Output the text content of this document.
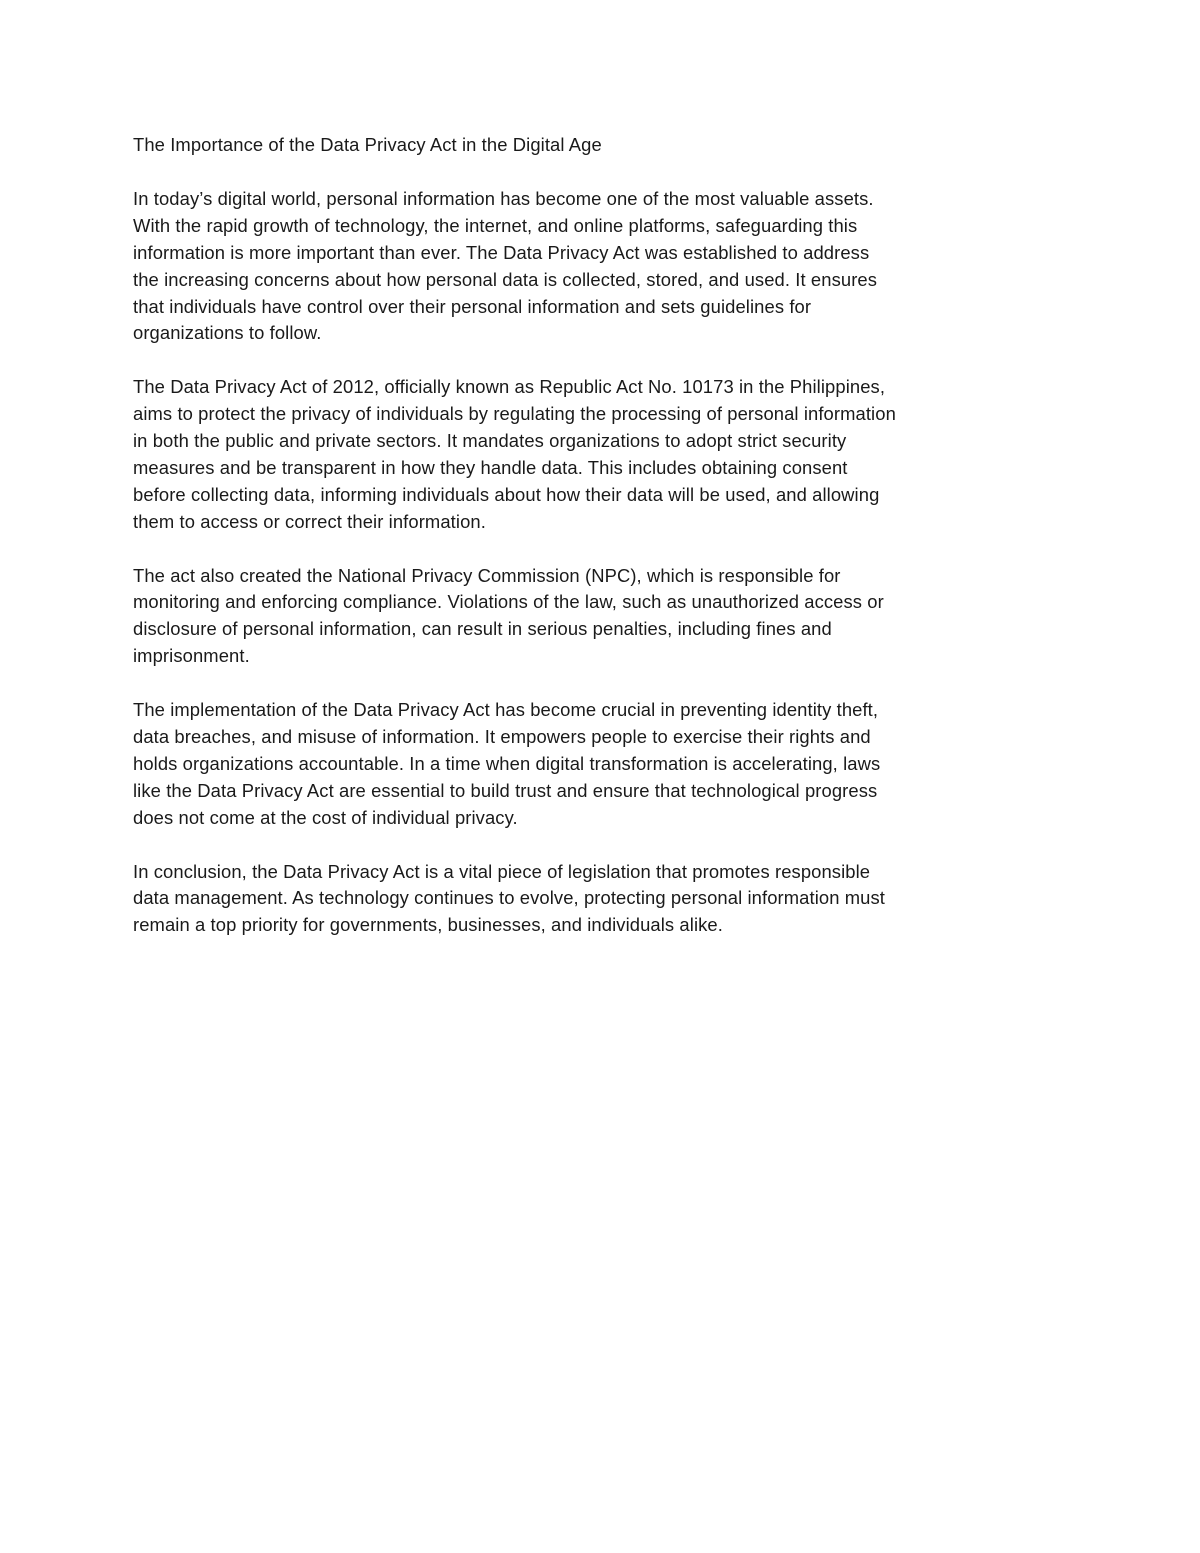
The Importance of the Data Privacy Act in the Digital Age
In today’s digital world, personal information has become one of the most valuable assets.
With the rapid growth of technology, the internet, and online platforms, safeguarding this
information is more important than ever. The Data Privacy Act was established to address
the increasing concerns about how personal data is collected, stored, and used. It ensures
that individuals have control over their personal information and sets guidelines for
organizations to follow.
The Data Privacy Act of 2012, officially known as Republic Act No. 10173 in the Philippines,
aims to protect the privacy of individuals by regulating the processing of personal information
in both the public and private sectors. It mandates organizations to adopt strict security
measures and be transparent in how they handle data. This includes obtaining consent
before collecting data, informing individuals about how their data will be used, and allowing
them to access or correct their information.
The act also created the National Privacy Commission (NPC), which is responsible for
monitoring and enforcing compliance. Violations of the law, such as unauthorized access or
disclosure of personal information, can result in serious penalties, including fines and
imprisonment.
The implementation of the Data Privacy Act has become crucial in preventing identity theft,
data breaches, and misuse of information. It empowers people to exercise their rights and
holds organizations accountable. In a time when digital transformation is accelerating, laws
like the Data Privacy Act are essential to build trust and ensure that technological progress
does not come at the cost of individual privacy.
In conclusion, the Data Privacy Act is a vital piece of legislation that promotes responsible
data management. As technology continues to evolve, protecting personal information must
remain a top priority for governments, businesses, and individuals alike.
